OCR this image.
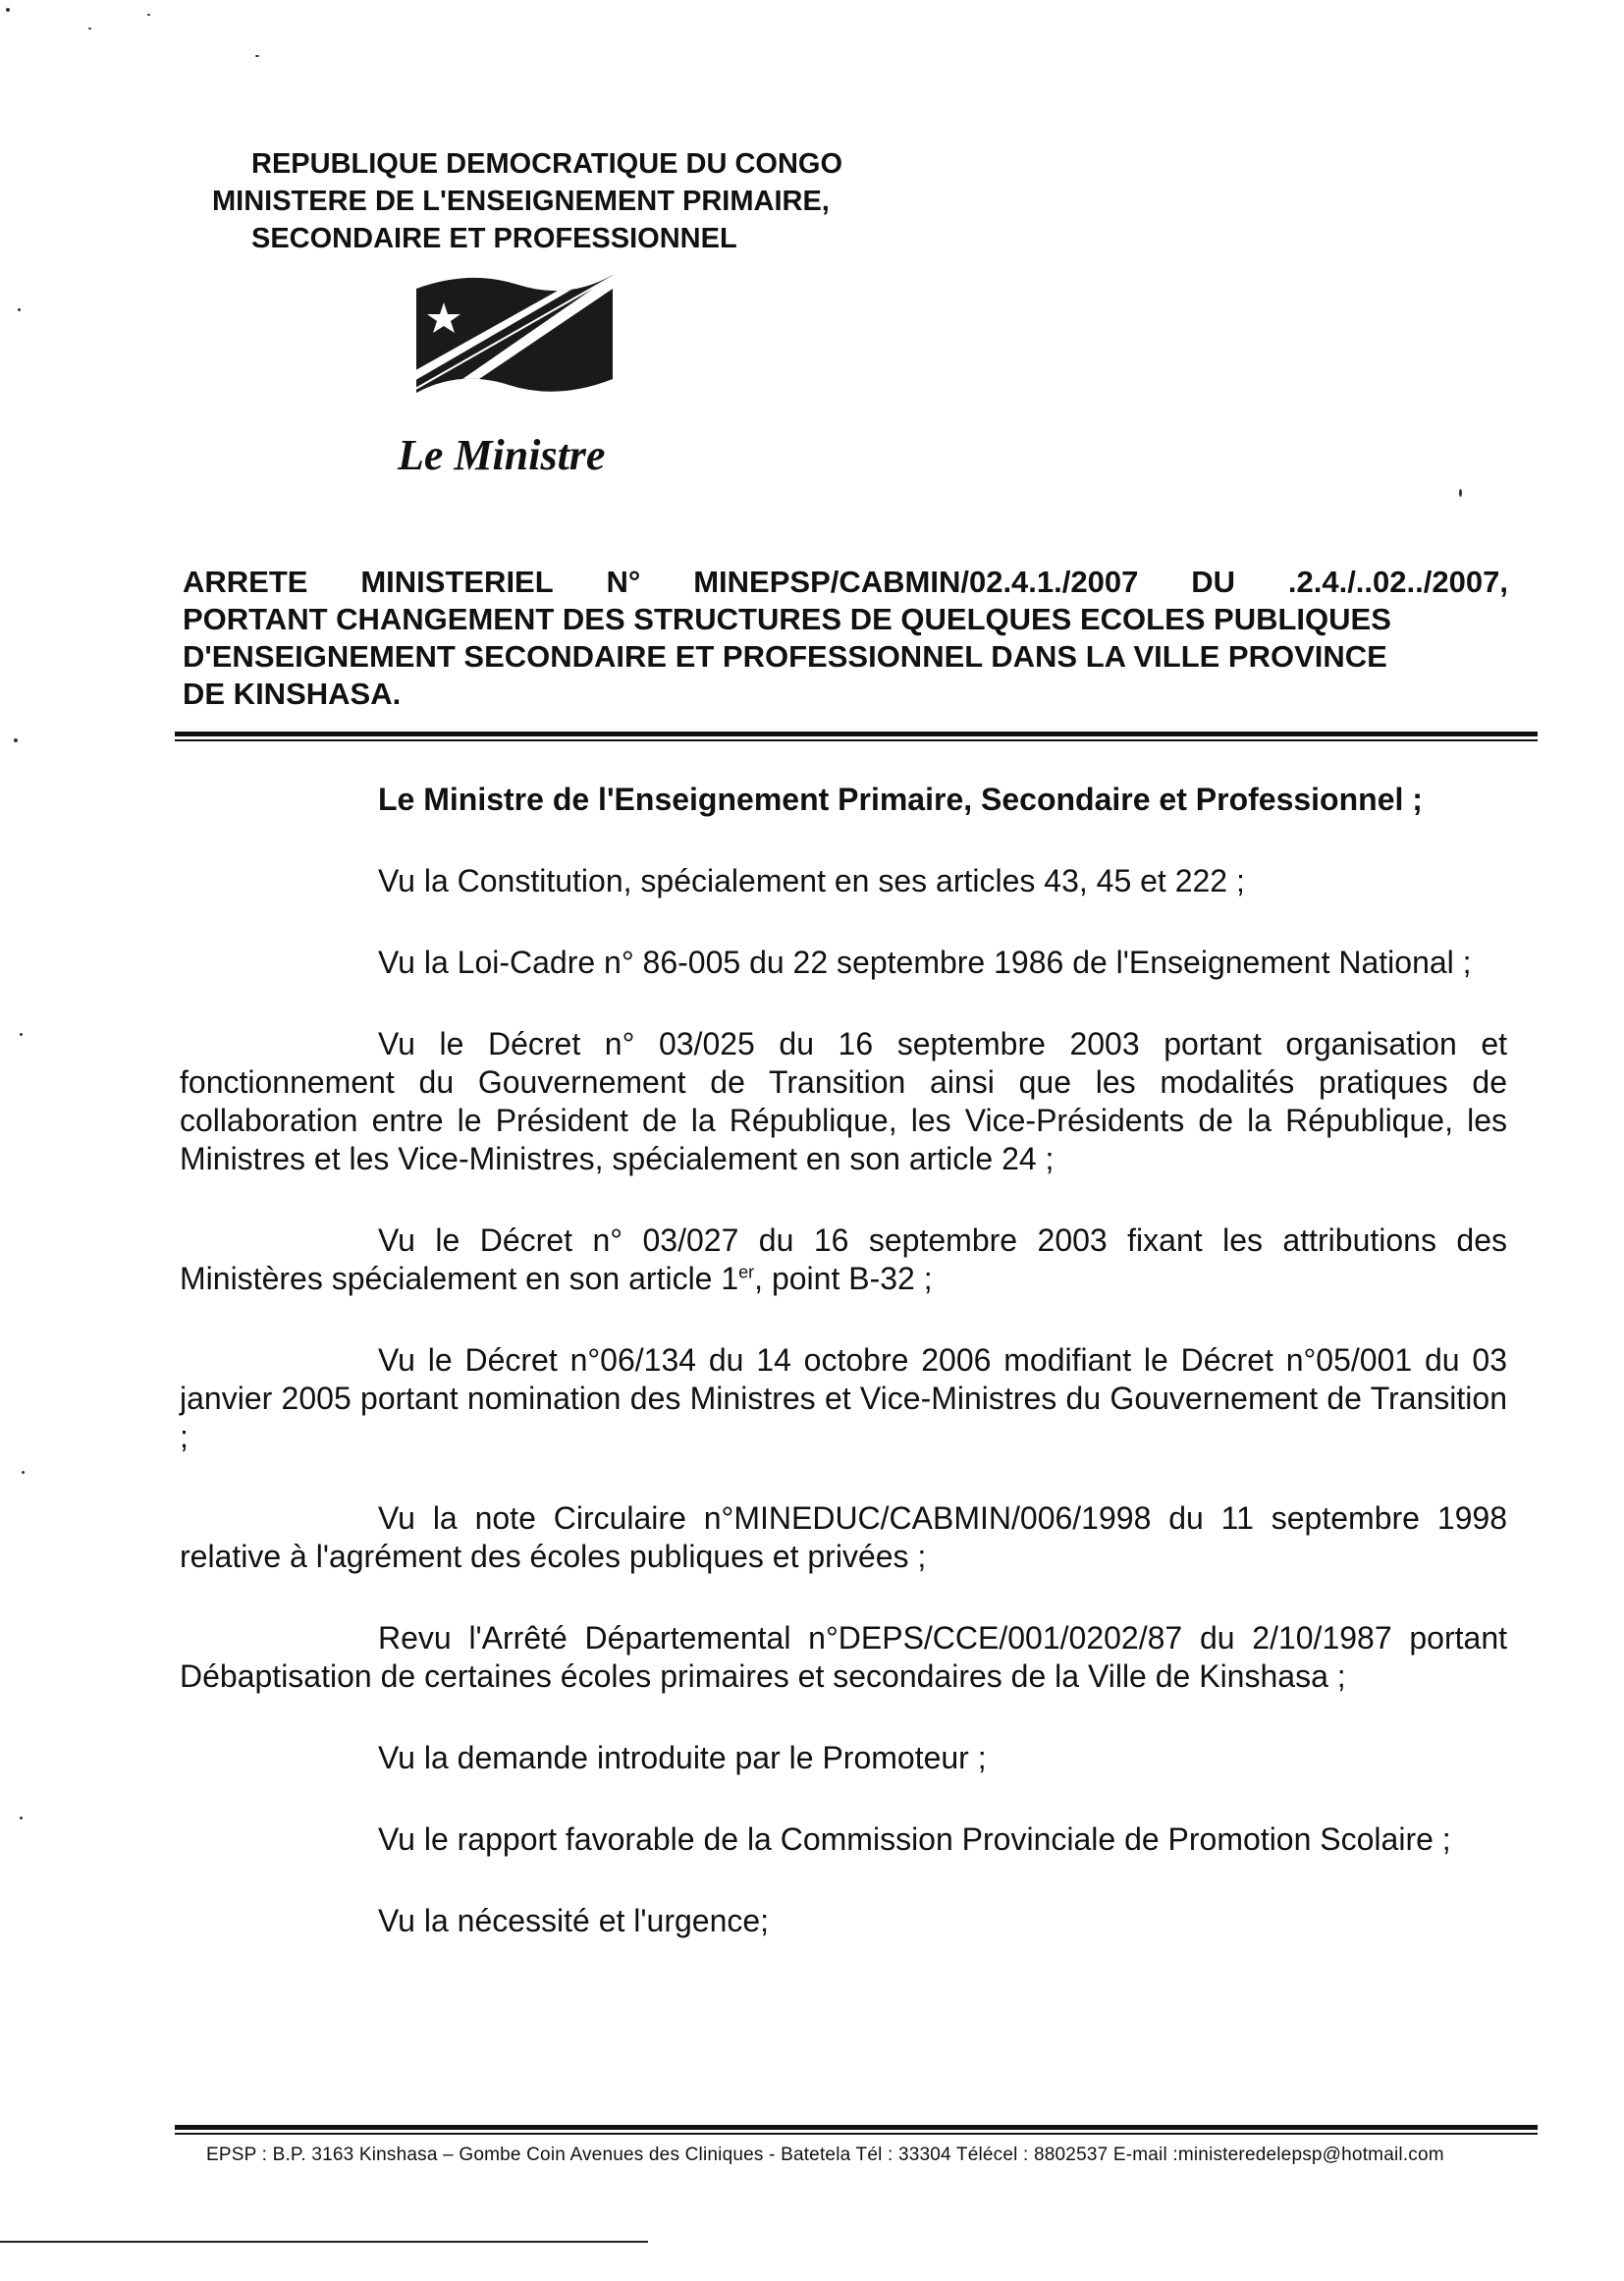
REPUBLIQUE DEMOCRATIQUE DU CONGO
MINISTERE DE L'ENSEIGNEMENT PRIMAIRE,
SECONDAIRE ET PROFESSIONNEL
Le Ministre
ARRETE MINISTERIEL N° MINEPSP/CABMIN/02.4.1./2007 DU .2.4./..02../2007,
PORTANT CHANGEMENT DES STRUCTURES DE QUELQUES ECOLES PUBLIQUES
D'ENSEIGNEMENT SECONDAIRE ET PROFESSIONNEL DANS LA VILLE PROVINCE
DE KINSHASA.

Le Ministre de l'Enseignement Primaire, Secondaire et Professionnel ;

Vu la Constitution, spécialement en ses articles 43, 45 et 222 ;

Vu la Loi-Cadre n° 86-005 du 22 septembre 1986 de l'Enseignement National ;

Vu le Décret n° 03/025 du 16 septembre 2003 portant organisation et fonctionnement du Gouvernement de Transition ainsi que les modalités pratiques de collaboration entre le Président de la République, les Vice-Présidents de la République, les Ministres et les Vice-Ministres, spécialement en son article 24 ;

Vu le Décret n° 03/027 du 16 septembre 2003 fixant les attributions des Ministères spécialement en son article 1er, point B-32 ;

Vu le Décret n°06/134 du 14 octobre 2006 modifiant le Décret n°05/001 du 03 janvier 2005 portant nomination des Ministres et Vice-Ministres du Gouvernement de Transition ;

Vu la note Circulaire n°MINEDUC/CABMIN/006/1998 du 11 septembre 1998 relative à l'agrément des écoles publiques et privées ;

Revu l'Arrêté Départemental n°DEPS/CCE/001/0202/87 du 2/10/1987 portant Débaptisation de certaines écoles primaires et secondaires de la Ville de Kinshasa ;

Vu la demande introduite par le Promoteur ;

Vu le rapport favorable de la Commission Provinciale de Promotion Scolaire ;

Vu la nécessité et l'urgence;

EPSP : B.P. 3163 Kinshasa – Gombe Coin Avenues des Cliniques - Batetela Tél : 33304 Télécel : 8802537 E-mail :ministeredelepsp@hotmail.com
